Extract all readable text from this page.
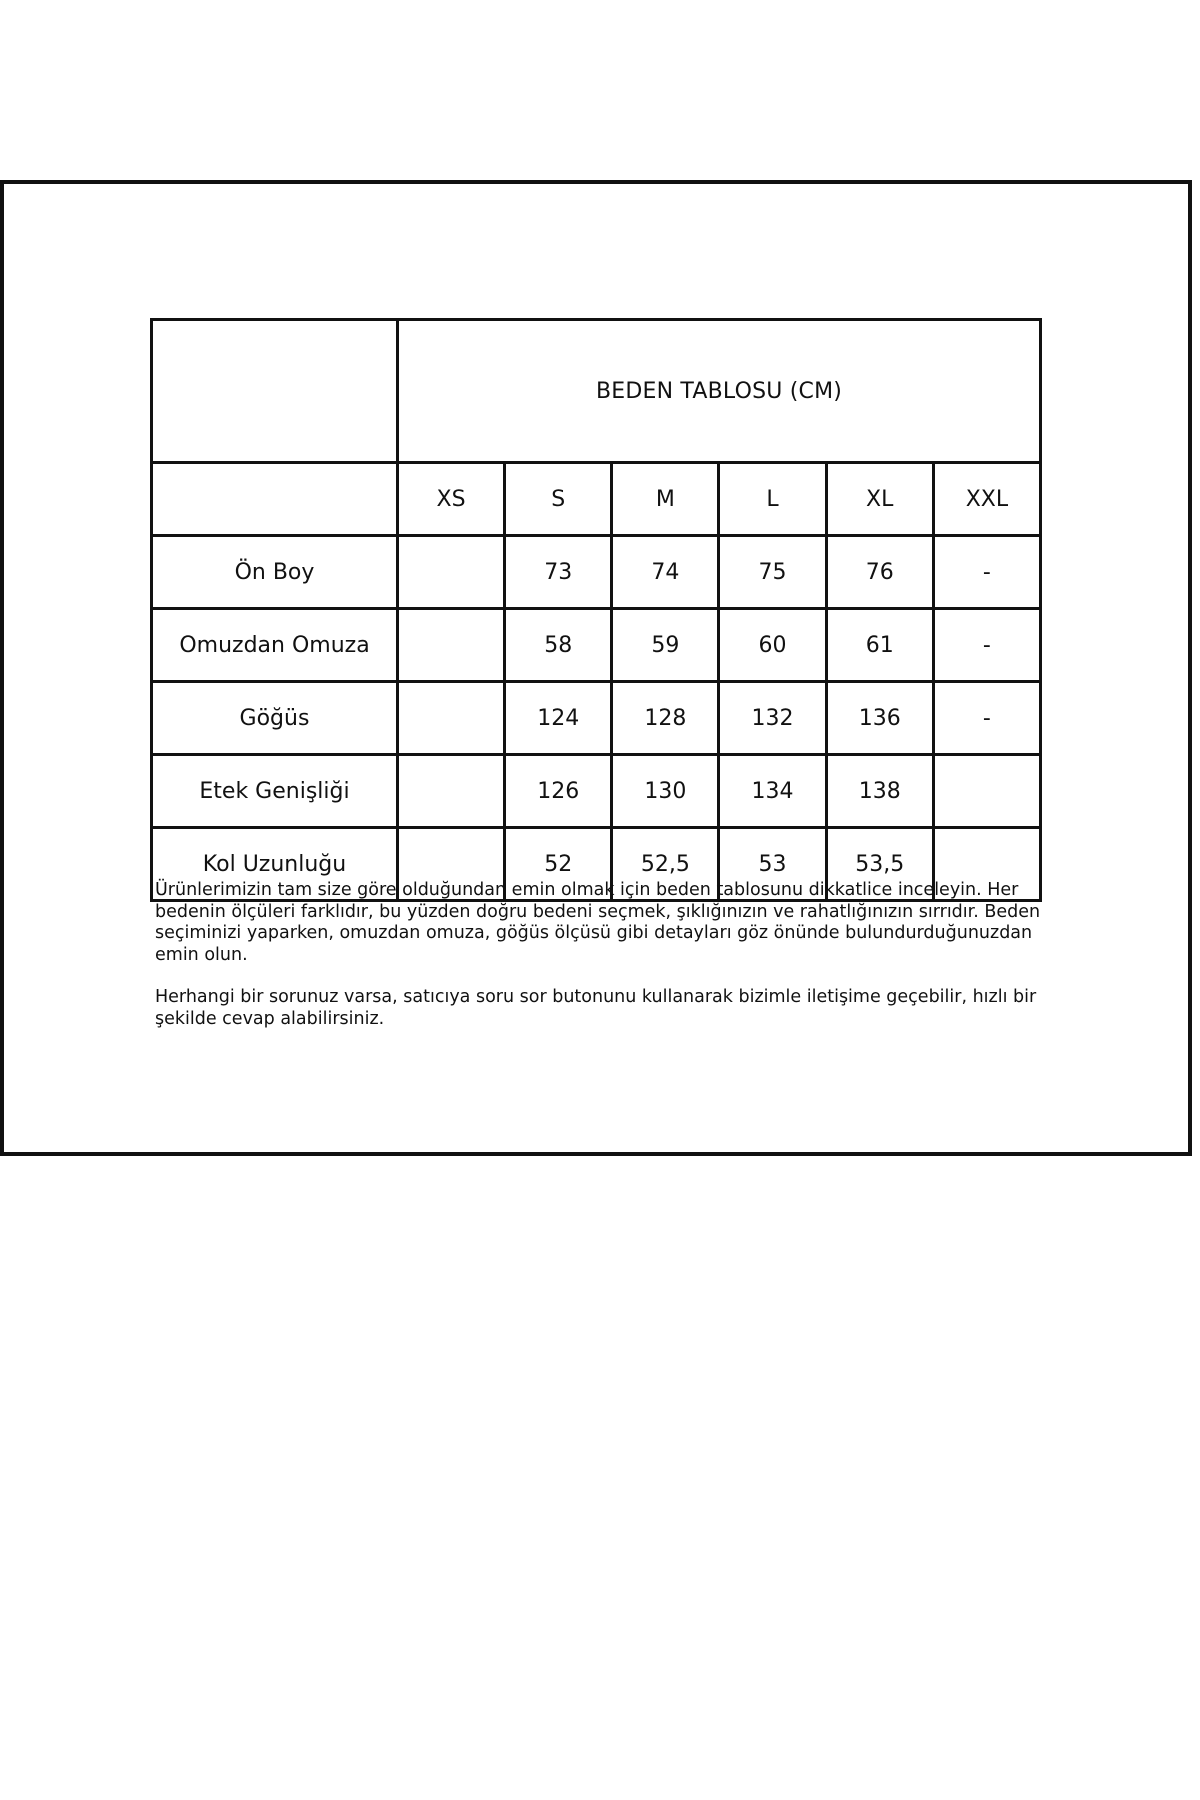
	BEDEN TABLOSU (CM)					
	XS	S	M	L	XL	XXL
Ön Boy		73	74	75	76	-
Omuzdan Omuza		58	59	60	61	-
Göğüs		124	128	132	136	-
Etek Genişliği		126	130	134	138	
Kol Uzunluğu		52	52,5	53	53,5	

Ürünlerimizin tam size göre olduğundan emin olmak için beden tablosunu dikkatlice inceleyin. Her bedenin ölçüleri farklıdır, bu yüzden doğru bedeni seçmek, şıklığınızın ve rahatlığınızın sırrıdır. Beden seçiminizi yaparken, omuzdan omuza, göğüs ölçüsü gibi detayları göz önünde bulundurduğunuzdan emin olun.

Herhangi bir sorunuz varsa, satıcıya soru sor butonunu kullanarak bizimle iletişime geçebilir, hızlı bir şekilde cevap alabilirsiniz.
